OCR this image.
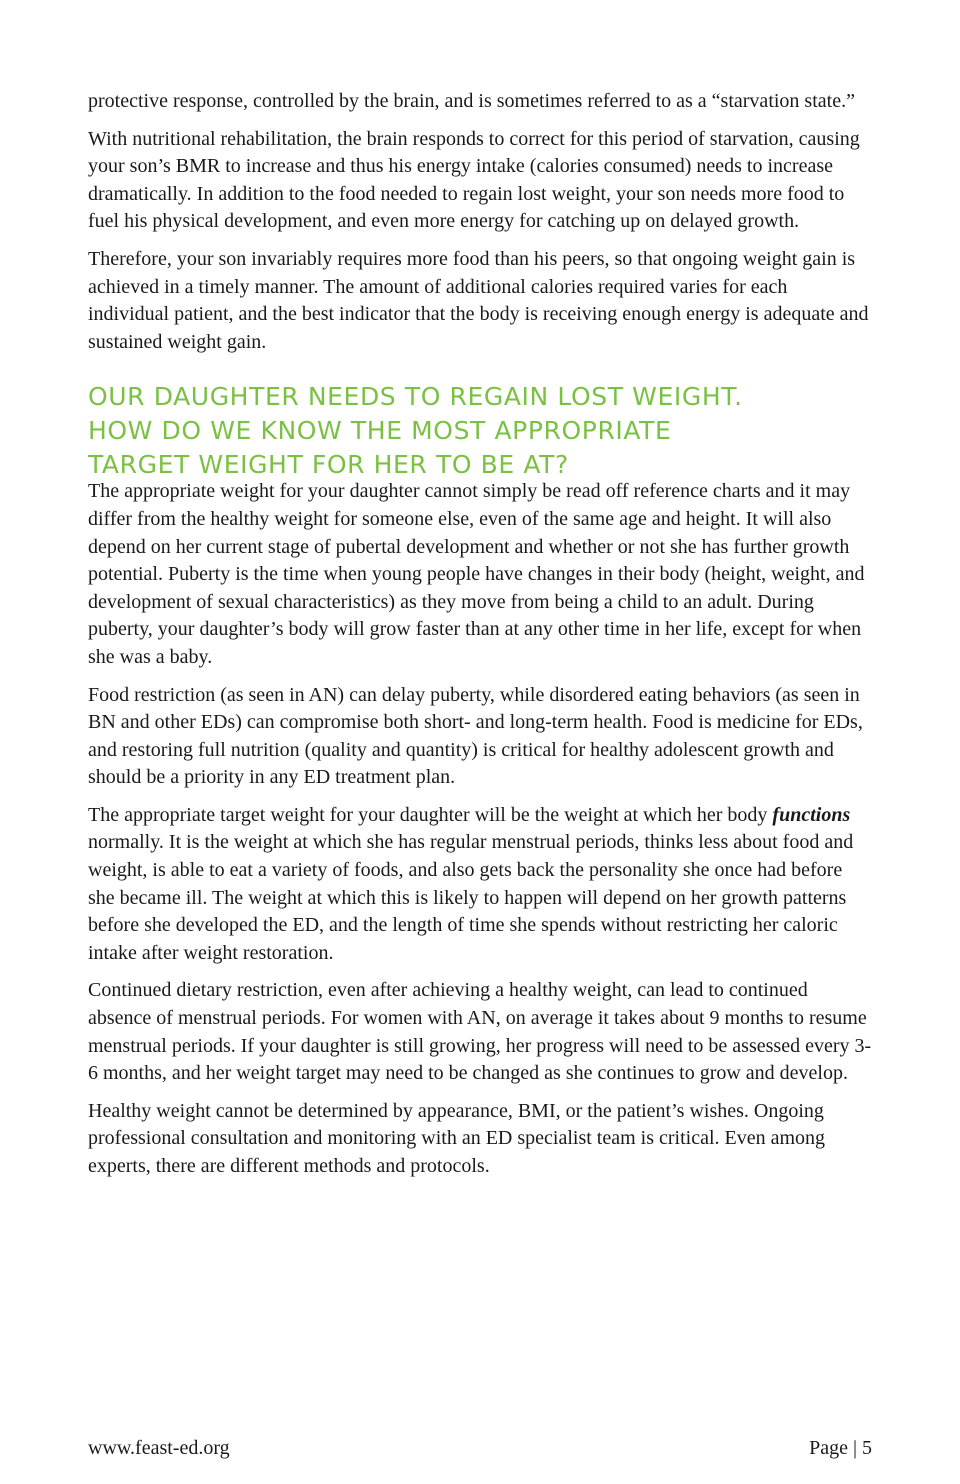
protective response, controlled by the brain, and is sometimes referred to as a “starvation state.”

With nutritional rehabilitation, the brain responds to correct for this period of starvation, causing your son’s BMR to increase and thus his energy intake (calories consumed) needs to increase dramatically. In addition to the food needed to regain lost weight, your son needs more food to fuel his physical development, and even more energy for catching up on delayed growth.

Therefore, your son invariably requires more food than his peers, so that ongoing weight gain is achieved in a timely manner. The amount of additional calories required varies for each individual patient, and the best indicator that the body is receiving enough energy is adequate and sustained weight gain.

OUR DAUGHTER NEEDS TO REGAIN LOST WEIGHT.
HOW DO WE KNOW THE MOST APPROPRIATE
TARGET WEIGHT FOR HER TO BE AT?

The appropriate weight for your daughter cannot simply be read off reference charts and it may differ from the healthy weight for someone else, even of the same age and height. It will also depend on her current stage of pubertal development and whether or not she has further growth potential. Puberty is the time when young people have changes in their body (height, weight, and development of sexual characteristics) as they move from being a child to an adult. During puberty, your daughter’s body will grow faster than at any other time in her life, except for when she was a baby.

Food restriction (as seen in AN) can delay puberty, while disordered eating behaviors (as seen in BN and other EDs) can compromise both short- and long-term health. Food is medicine for EDs, and restoring full nutrition (quality and quantity) is critical for healthy adolescent growth and should be a priority in any ED treatment plan.

The appropriate target weight for your daughter will be the weight at which her body functions normally. It is the weight at which she has regular menstrual periods, thinks less about food and weight, is able to eat a variety of foods, and also gets back the personality she once had before she became ill. The weight at which this is likely to happen will depend on her growth patterns before she developed the ED, and the length of time she spends without restricting her caloric intake after weight restoration.

Continued dietary restriction, even after achieving a healthy weight, can lead to continued absence of menstrual periods. For women with AN, on average it takes about 9 months to resume menstrual periods. If your daughter is still growing, her progress will need to be assessed every 3-6 months, and her weight target may need to be changed as she continues to grow and develop.

Healthy weight cannot be determined by appearance, BMI, or the patient’s wishes. Ongoing professional consultation and monitoring with an ED specialist team is critical. Even among experts, there are different methods and protocols.

www.feast-ed.org	Page | 5
